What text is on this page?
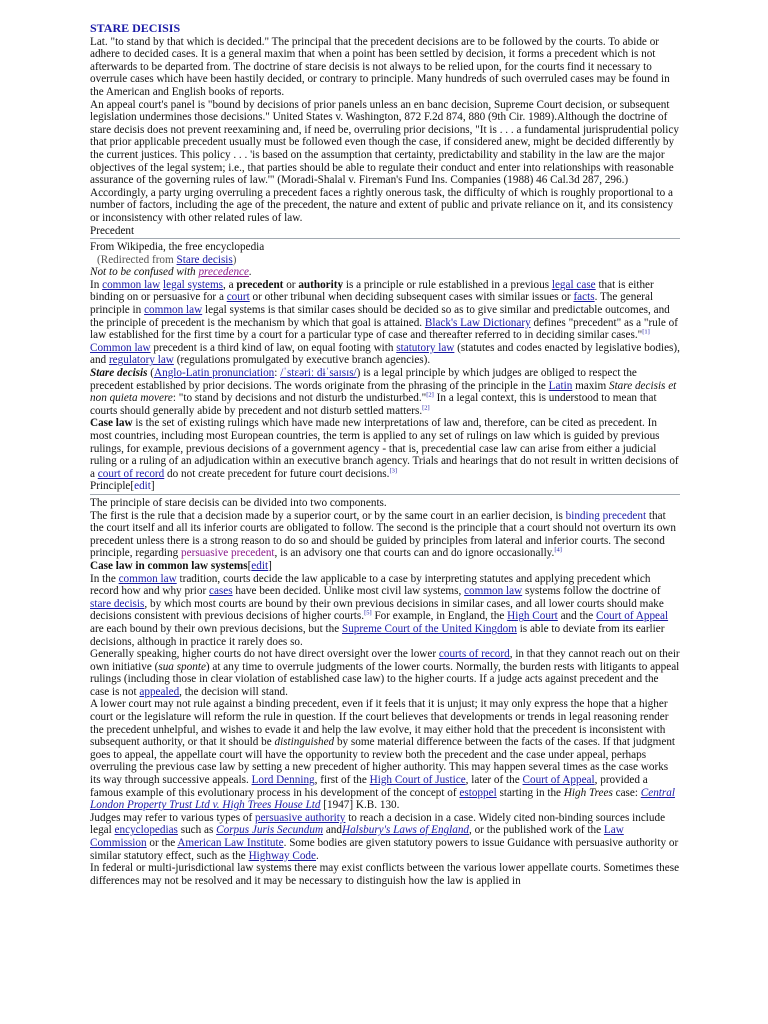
STARE DECISIS

Lat. "to stand by that which is decided." The principal that the precedent decisions are to be followed by the courts. To abide or adhere to decided cases. It is a general maxim that when a point has been settled by decision, it forms a precedent which is not afterwards to be departed from. The doctrine of stare decisis is not always to be relied upon, for the courts find it necessary to overrule cases which have been hastily decided, or contrary to principle. Many hundreds of such overruled cases may be found in the American and English books of reports.

An appeal court's panel is "bound by decisions of prior panels unless an en banc decision, Supreme Court decision, or subsequent legislation undermines those decisions." United States v. Washington, 872 F.2d 874, 880 (9th Cir. 1989).Although the doctrine of stare decisis does not prevent reexamining and, if need be, overruling prior decisions, "It is . . . a fundamental jurisprudential policy that prior applicable precedent usually must be followed even though the case, if considered anew, might be decided differently by the current justices. This policy . . . 'is based on the assumption that certainty, predictability and stability in the law are the major objectives of the legal system; i.e., that parties should be able to regulate their conduct and enter into relationships with reasonable assurance of the governing rules of law.'" (Moradi-Shalal v. Fireman's Fund Ins. Companies (1988) 46 Cal.3d 287, 296.) Accordingly, a party urging overruling a precedent faces a rightly onerous task, the difficulty of which is roughly proportional to a number of factors, including the age of the precedent, the nature and extent of public and private reliance on it, and its consistency or inconsistency with other related rules of law.

Precedent

From Wikipedia, the free encyclopedia

(Redirected from Stare decisis)

Not to be confused with precedence.

In common law legal systems, a precedent or authority is a principle or rule established in a previous legal case that is either binding on or persuasive for a court or other tribunal when deciding subsequent cases with similar issues or facts. The general principle in common law legal systems is that similar cases should be decided so as to give similar and predictable outcomes, and the principle of precedent is the mechanism by which that goal is attained. Black's Law Dictionary defines "precedent" as a "rule of law established for the first time by a court for a particular type of case and thereafter referred to in deciding similar cases."[1] Common law precedent is a third kind of law, on equal footing with statutory law (statutes and codes enacted by legislative bodies), and regulatory law (regulations promulgated by executive branch agencies).

Stare decisis (Anglo-Latin pronunciation: /ˈstɛəriː dɨˈsaɪsɪs/) is a legal principle by which judges are obliged to respect the precedent established by prior decisions. The words originate from the phrasing of the principle in the Latin maxim Stare decisis et non quieta movere: "to stand by decisions and not disturb the undisturbed."[2] In a legal context, this is understood to mean that courts should generally abide by precedent and not disturb settled matters.[2]

Case law is the set of existing rulings which have made new interpretations of law and, therefore, can be cited as precedent. In most countries, including most European countries, the term is applied to any set of rulings on law which is guided by previous rulings, for example, previous decisions of a government agency - that is, precedential case law can arise from either a judicial ruling or a ruling of an adjudication within an executive branch agency. Trials and hearings that do not result in written decisions of a court of record do not create precedent for future court decisions.[3]

Principle[edit]

The principle of stare decisis can be divided into two components.

The first is the rule that a decision made by a superior court, or by the same court in an earlier decision, is binding precedent that the court itself and all its inferior courts are obligated to follow. The second is the principle that a court should not overturn its own precedent unless there is a strong reason to do so and should be guided by principles from lateral and inferior courts. The second principle, regarding persuasive precedent, is an advisory one that courts can and do ignore occasionally.[4]

Case law in common law systems[edit]

In the common law tradition, courts decide the law applicable to a case by interpreting statutes and applying precedent which record how and why prior cases have been decided. Unlike most civil law systems, common law systems follow the doctrine of stare decisis, by which most courts are bound by their own previous decisions in similar cases, and all lower courts should make decisions consistent with previous decisions of higher courts.[5] For example, in England, the High Court and the Court of Appeal are each bound by their own previous decisions, but the Supreme Court of the United Kingdom is able to deviate from its earlier decisions, although in practice it rarely does so.

Generally speaking, higher courts do not have direct oversight over the lower courts of record, in that they cannot reach out on their own initiative (sua sponte) at any time to overrule judgments of the lower courts. Normally, the burden rests with litigants to appeal rulings (including those in clear violation of established case law) to the higher courts. If a judge acts against precedent and the case is not appealed, the decision will stand.

A lower court may not rule against a binding precedent, even if it feels that it is unjust; it may only express the hope that a higher court or the legislature will reform the rule in question. If the court believes that developments or trends in legal reasoning render the precedent unhelpful, and wishes to evade it and help the law evolve, it may either hold that the precedent is inconsistent with subsequent authority, or that it should be distinguished by some material difference between the facts of the cases. If that judgment goes to appeal, the appellate court will have the opportunity to review both the precedent and the case under appeal, perhaps overruling the previous case law by setting a new precedent of higher authority. This may happen several times as the case works its way through successive appeals. Lord Denning, first of the High Court of Justice, later of the Court of Appeal, provided a famous example of this evolutionary process in his development of the concept of estoppel starting in the High Trees case: Central London Property Trust Ltd v. High Trees House Ltd [1947] K.B. 130.

Judges may refer to various types of persuasive authority to reach a decision in a case. Widely cited non-binding sources include legal encyclopedias such as Corpus Juris Secundum andHalsbury's Laws of England, or the published work of the Law Commission or the American Law Institute. Some bodies are given statutory powers to issue Guidance with persuasive authority or similar statutory effect, such as the Highway Code.

In federal or multi-jurisdictional law systems there may exist conflicts between the various lower appellate courts. Sometimes these differences may not be resolved and it may be necessary to distinguish how the law is applied in
